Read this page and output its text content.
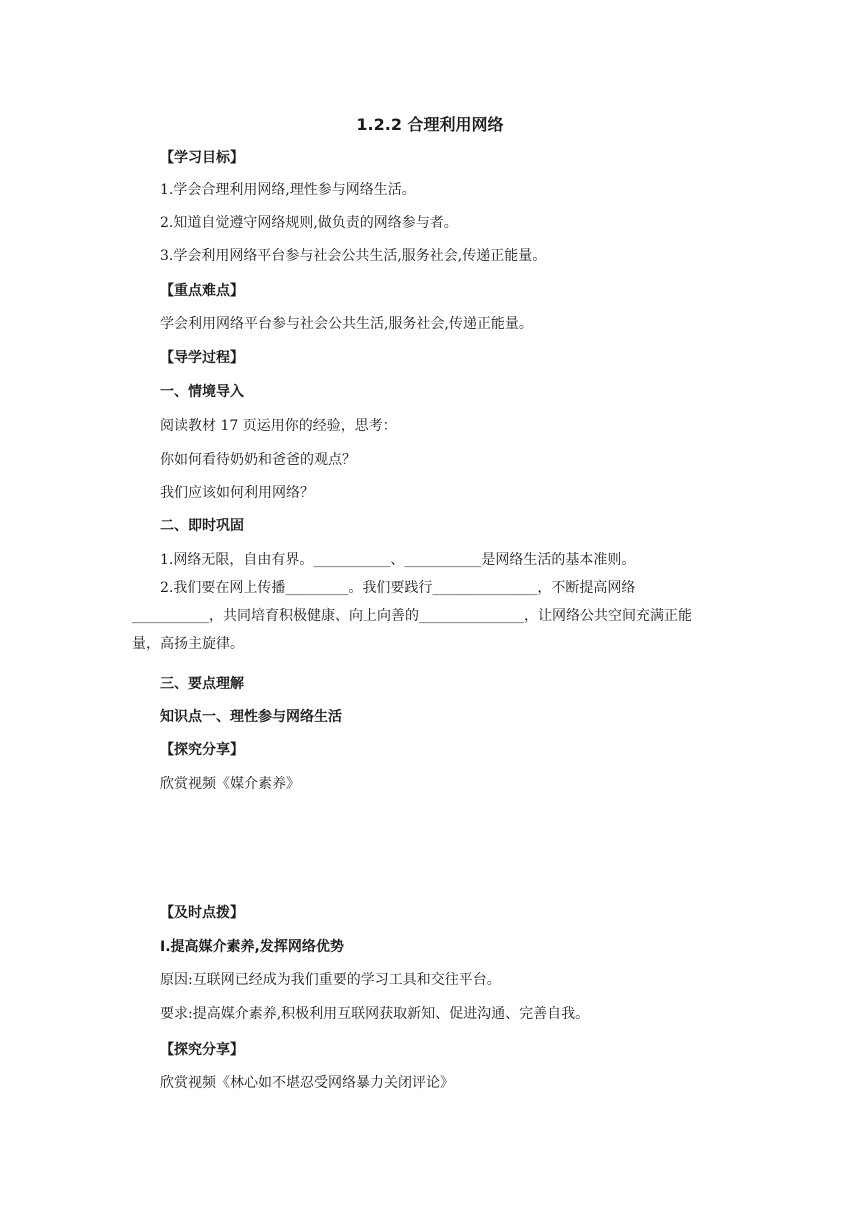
1.2.2 合理利用网络
【学习目标】
1.学会合理利用网络,理性参与网络生活。
2.知道自觉遵守网络规则,做负责的网络参与者。
3.学会利用网络平台参与社会公共生活,服务社会,传递正能量。
【重点难点】
学会利用网络平台参与社会公共生活,服务社会,传递正能量。
【导学过程】
一、情境导入
阅读教材 17 页运用你的经验，思考：
你如何看待奶奶和爸爸的观点？
我们应该如何利用网络？
二、即时巩固
1.网络无限，自由有界。___________、___________是网络生活的基本准则。
2.我们要在网上传播_________。我们要践行_______________，不断提高网络
___________，共同培育积极健康、向上向善的_______________，让网络公共空间充满正能
量，高扬主旋律。
三、要点理解
知识点一、理性参与网络生活
【探究分享】
欣赏视频《媒介素养》
【及时点拨】
Ⅰ.提高媒介素养,发挥网络优势
原因:互联网已经成为我们重要的学习工具和交往平台。
要求:提高媒介素养,积极利用互联网获取新知、促进沟通、完善自我。
【探究分享】
欣赏视频《林心如不堪忍受网络暴力关闭评论》
